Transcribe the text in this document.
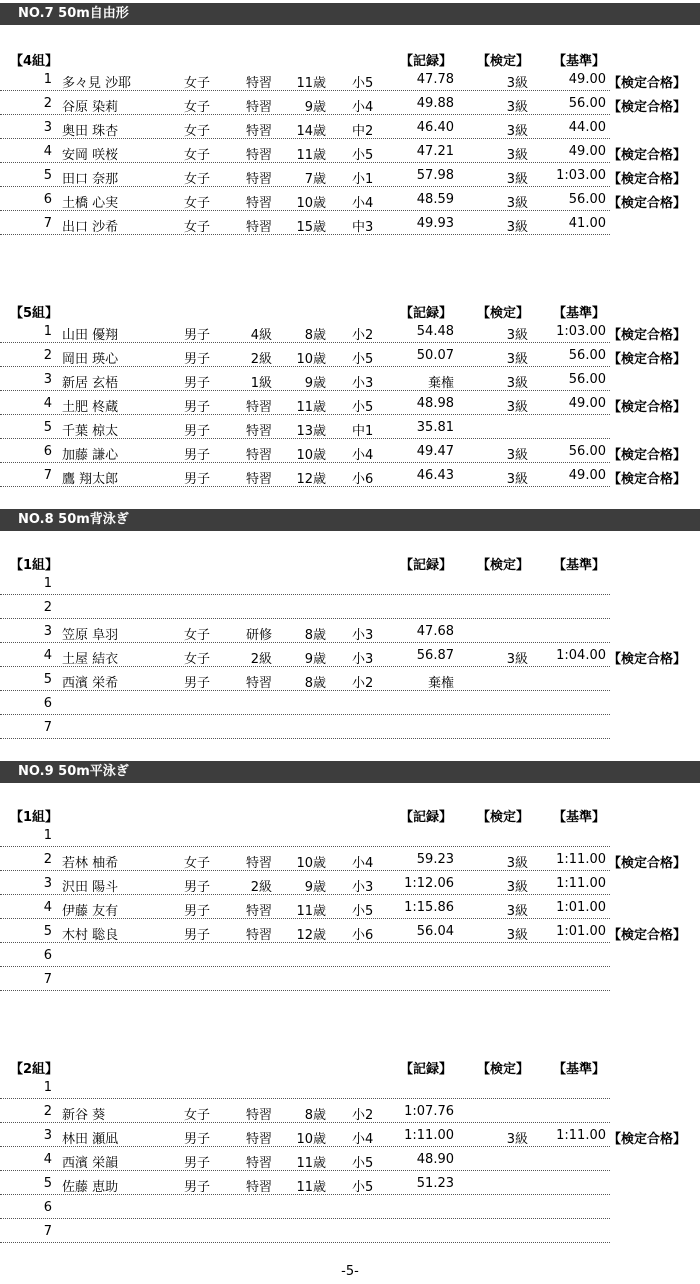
NO.7 50m自由形
NO.8 50m背泳ぎ
NO.9 50m平泳ぎ
【4組】	【記録】 【検定】 【基準】
1 多々見 沙耶	女子	特習	11歳 小5	47.78	3級	49.00 【検定合格】
2 谷原 染莉	女子	特習	9歳 小4	49.88	3級	56.00 【検定合格】
3 奥田 珠杏	女子	特習	14歳 中2	46.40	3級	44.00
4 安岡 咲桜	女子	特習	11歳 小5	47.21	3級	49.00 【検定合格】
5 田口 奈那	女子	特習	7歳 小1	57.98	3級	1:03.00 【検定合格】
6 土橋 心実	女子	特習	10歳 小4	48.59	3級	56.00 【検定合格】
7 出口 沙希	女子	特習	15歳 中3	49.93	3級	41.00
【5組】	【記録】 【検定】 【基準】
1 山田 優翔	男子	4級	8歳 小2	54.48	3級	1:03.00 【検定合格】
2 岡田 瑛心	男子	2級	10歳 小5	50.07	3級	56.00 【検定合格】
3 新居 玄梧	男子	1級	9歳 小3	棄権	3級	56.00
4 土肥 柊蔵	男子	特習	11歳 小5	48.98	3級	49.00 【検定合格】
5 千葉 椋太	男子	特習	13歳 中1	35.81
6 加藤 謙心	男子	特習	10歳 小4	49.47	3級	56.00 【検定合格】
7 鷹 翔太郎	男子	特習	12歳 小6	46.43	3級	49.00 【検定合格】
【1組】	【記録】 【検定】 【基準】
1
2
3 笠原 阜羽	女子	研修	8歳 小3	47.68
4 土屋 結衣	女子	2級	9歳 小3	56.87	3級	1:04.00 【検定合格】
5 西濱 栄希	男子	特習	8歳 小2	棄権
6
7
【1組】	【記録】 【検定】 【基準】
1
2 若林 柚希	女子	特習	10歳 小4	59.23	3級	1:11.00 【検定合格】
3 沢田 陽斗	男子	2級	9歳 小3	1:12.06	3級	1:11.00
4 伊藤 友有	男子	特習	11歳 小5	1:15.86	3級	1:01.00
5 木村 聡良	男子	特習	12歳 小6	56.04	3級	1:01.00 【検定合格】
6
7
【2組】	【記録】 【検定】 【基準】
1
2 新谷 葵	女子	特習	8歳 小2	1:07.76
3 林田 瀬凪	男子	特習	10歳 小4	1:11.00	3級	1:11.00 【検定合格】
4 西濱 栄韻	男子	特習	11歳 小5	48.90
5 佐藤 恵助	男子	特習	11歳 小5	51.23
6
7
-5-
